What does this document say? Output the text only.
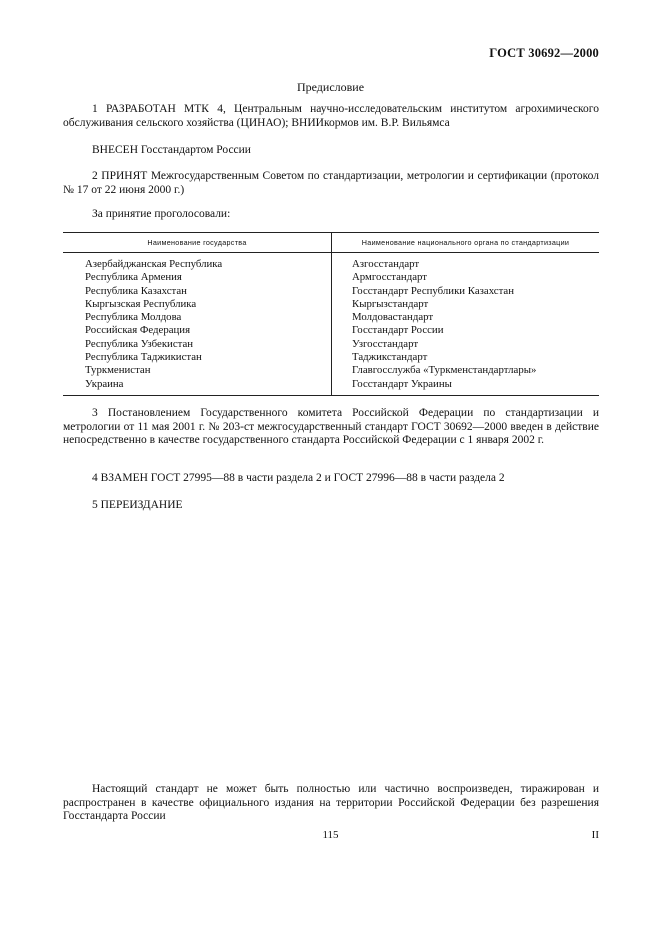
ГОСТ 30692—2000
Предисловие
1 РАЗРАБОТАН МТК 4, Центральным научно-исследовательским институтом агрохимического обслуживания сельского хозяйства (ЦИНАО); ВНИИкормов им. В.Р. Вильямса
ВНЕСЕН Госстандартом России
2 ПРИНЯТ Межгосударственным Советом по стандартизации, метрологии и сертификации (протокол № 17 от 22 июня 2000 г.)
За принятие проголосовали:
Наименование государства	Наименование национального органа по стандартизации
Азербайджанская Республика
Республика Армения
Республика Казахстан
Кыргызская Республика
Республика Молдова
Российская Федерация
Республика Узбекистан
Республика Таджикистан
Туркменистан
Украина
Азгосстандарт
Армгосстандарт
Госстандарт Республики Казахстан
Кыргызстандарт
Молдовастандарт
Госстандарт России
Узгосстандарт
Таджикстандарт
Главгосслужба «Туркменстандартлары»
Госстандарт Украины
3 Постановлением Государственного комитета Российской Федерации по стандартизации и метрологии от 11 мая 2001 г. № 203-ст межгосударственный стандарт ГОСТ 30692—2000 введен в действие непосредственно в качестве государственного стандарта Российской Федерации с 1 января 2002 г.
4 ВЗАМЕН ГОСТ 27995—88 в части раздела 2 и ГОСТ 27996—88 в части раздела 2
5 ПЕРЕИЗДАНИЕ
Настоящий стандарт не может быть полностью или частично воспроизведен, тиражирован и распространен в качестве официального издания на территории Российской Федерации без разрешения Госстандарта России
115	II
